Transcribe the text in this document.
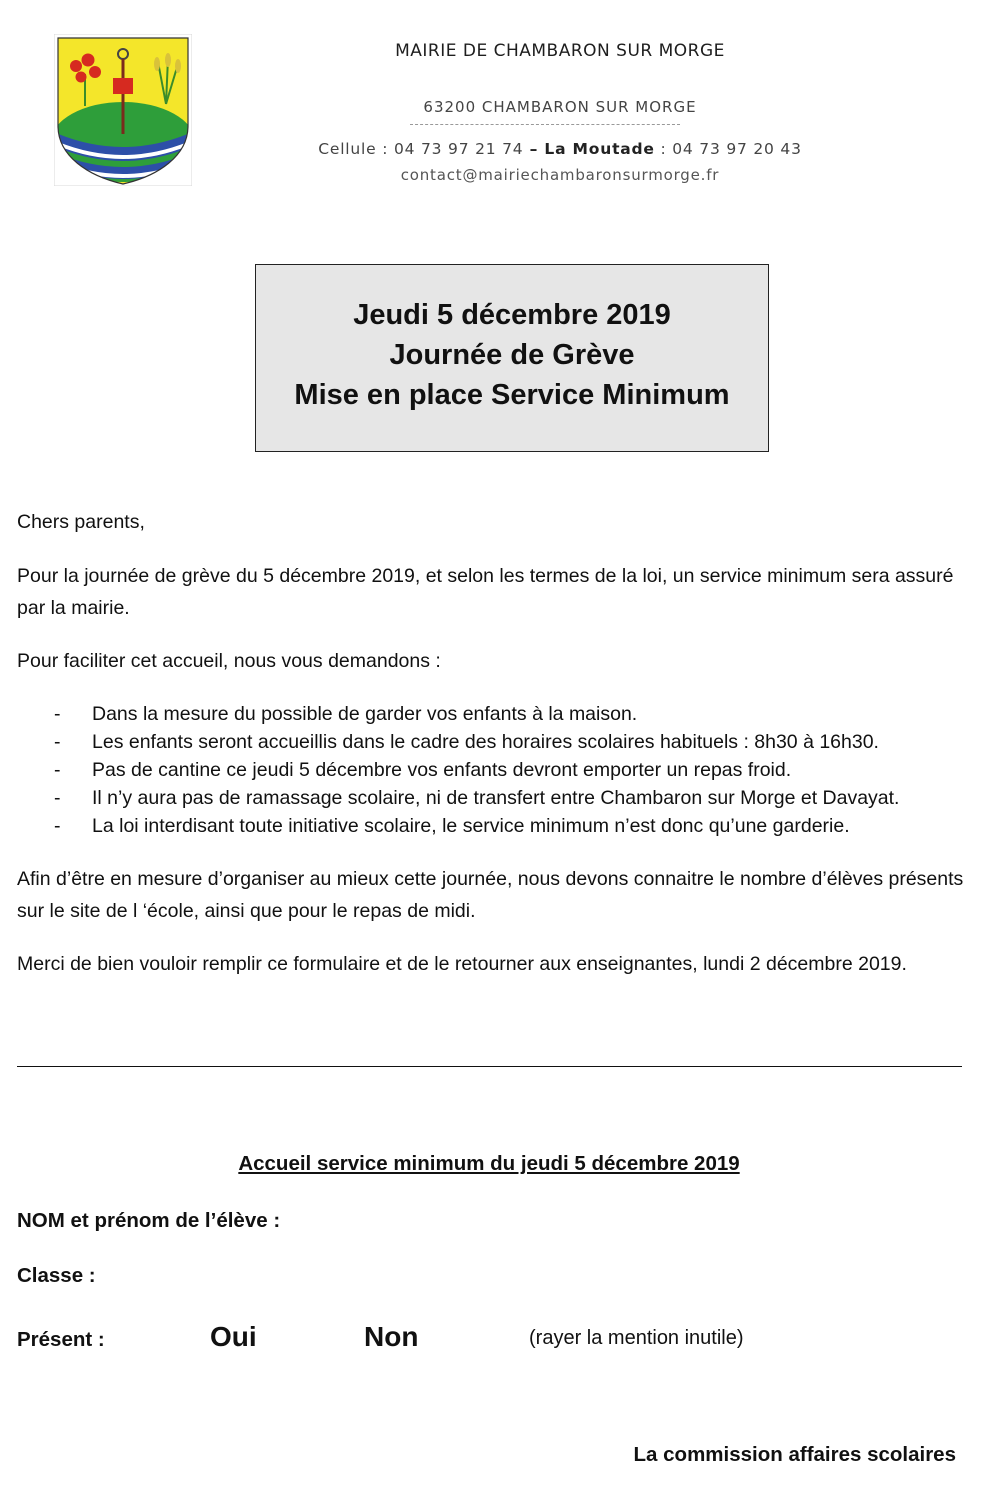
MAIRIE DE CHAMBARON SUR MORGE
63200 CHAMBARON SUR MORGE
Cellule : 04 73 97 21 74 – La Moutade : 04 73 97 20 43
contact@mairiechambaronsurmorge.fr
Jeudi 5 décembre 2019
Journée de Grève
Mise en place Service Minimum
Chers parents,
Pour la journée de grève du 5 décembre 2019, et selon les termes de la loi, un service minimum sera assuré par la mairie.
Pour faciliter cet accueil, nous vous demandons :
- Dans la mesure du possible de garder vos enfants à la maison.
- Les enfants seront accueillis dans le cadre des horaires scolaires habituels : 8h30 à 16h30.
- Pas de cantine ce jeudi 5 décembre vos enfants devront emporter un repas froid.
- Il n’y aura pas de ramassage scolaire, ni de transfert entre Chambaron sur Morge et Davayat.
- La loi interdisant toute initiative scolaire, le service minimum n’est donc qu’une garderie.
Afin d’être en mesure d’organiser au mieux cette journée, nous devons connaitre le nombre d’élèves présents sur le site de l ‘école, ainsi que pour le repas de midi.
Merci de bien vouloir remplir ce formulaire et de le retourner aux enseignantes, lundi 2 décembre 2019.
Accueil service minimum du jeudi 5 décembre 2019
NOM et prénom de l’élève :
Classe :
Présent :	Oui	Non	(rayer la mention inutile)
La commission affaires scolaires
